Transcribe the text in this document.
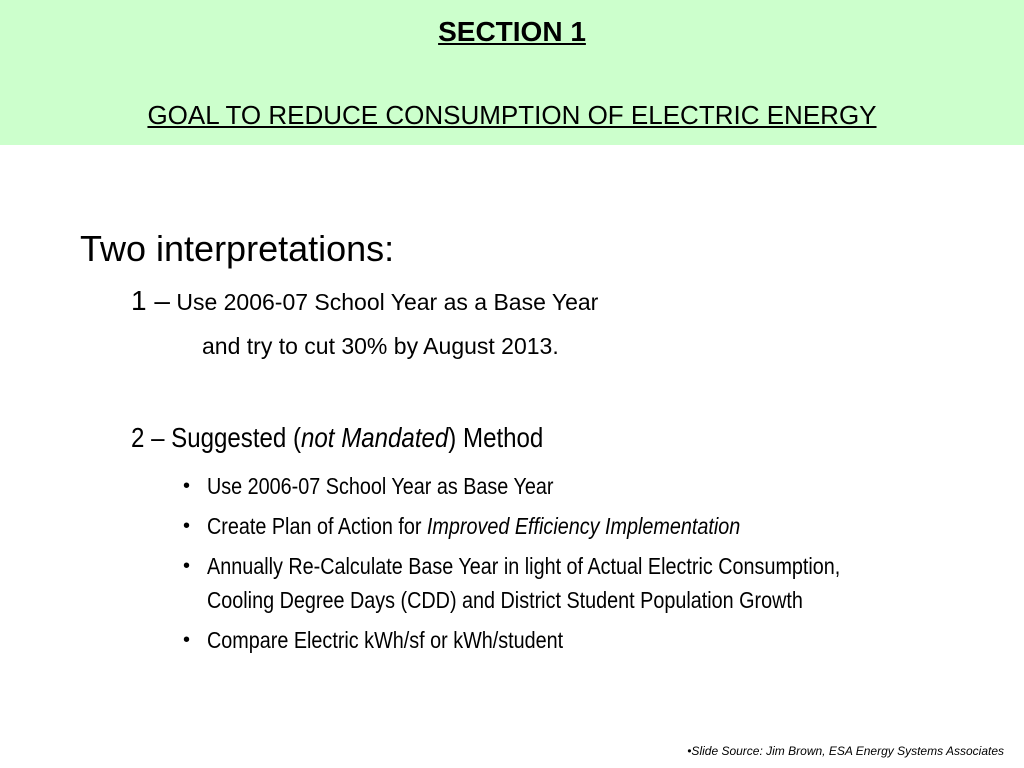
SECTION 1
GOAL TO REDUCE CONSUMPTION OF ELECTRIC ENERGY
Two interpretations:
1 – Use 2006-07 School Year as a Base Year
and try to cut 30% by August 2013.
2 – Suggested (not Mandated) Method
• Use 2006-07 School Year as Base Year
• Create Plan of Action for Improved Efficiency Implementation
• Annually Re-Calculate Base Year in light of Actual Electric Consumption,
Cooling Degree Days (CDD) and District Student Population Growth
• Compare Electric kWh/sf or kWh/student
•Slide Source: Jim Brown, ESA Energy Systems Associates
